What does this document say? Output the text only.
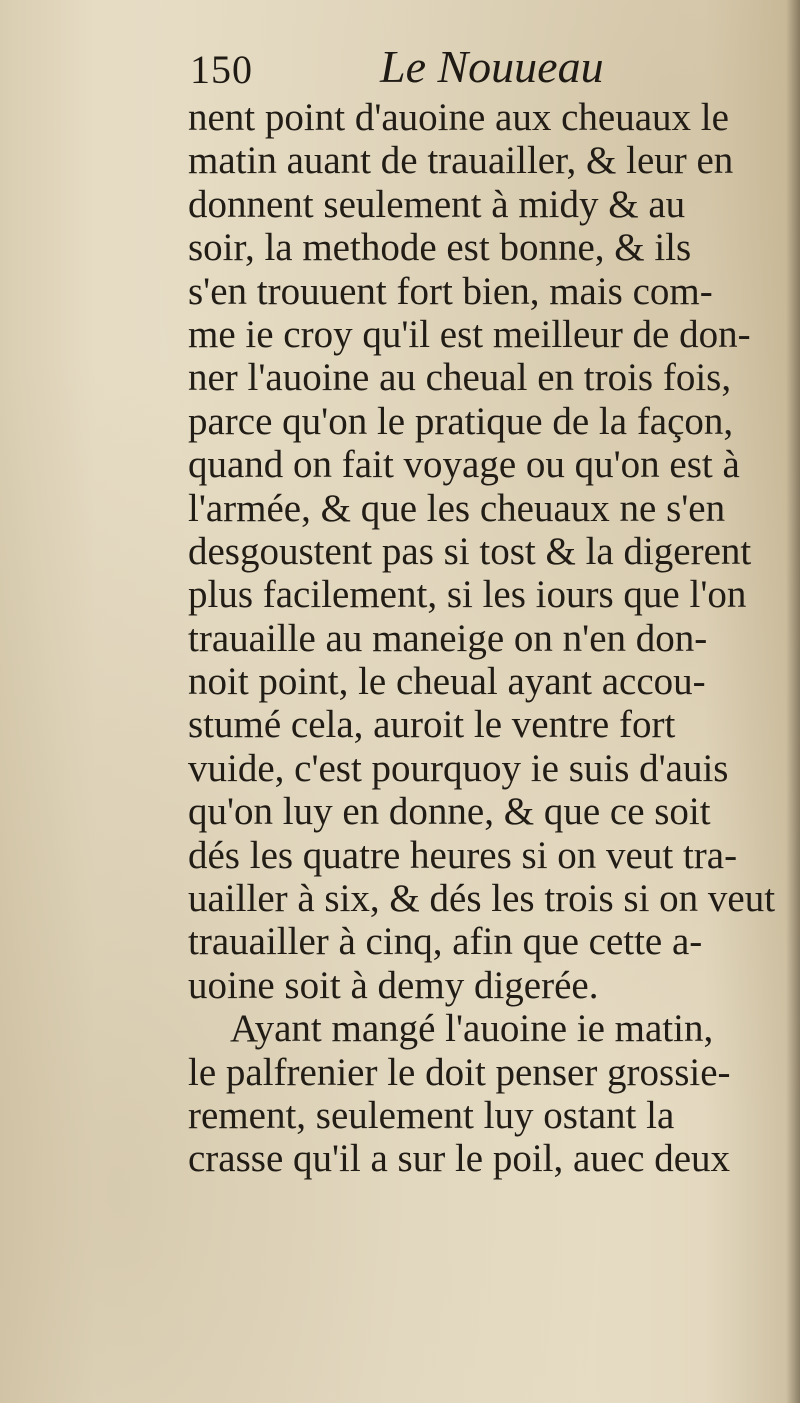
150	Le Nouueau
nent point d'auoine aux cheuaux le
matin auant de trauailler, & leur en
donnent seulement à midy & au
soir, la methode est bonne, & ils
s'en trouuent fort bien, mais com-
me ie croy qu'il est meilleur de don-
ner l'auoine au cheual en trois fois,
parce qu'on le pratique de la façon,
quand on fait voyage ou qu'on est à
l'armée, & que les cheuaux ne s'en
desgoustent pas si tost & la digerent
plus facilement, si les iours que l'on
trauaille au maneige on n'en don-
noit point, le cheual ayant accou-
stumé cela, auroit le ventre fort
vuide, c'est pourquoy ie suis d'auis
qu'on luy en donne, & que ce soit
dés les quatre heures si on veut tra-
uailler à six, & dés les trois si on veut
trauailler à cinq, afin que cette a-
uoine soit à demy digerée.
Ayant mangé l'auoine ie matin,
le palfrenier le doit penser grossie-
rement, seulement luy ostant la
crasse qu'il a sur le poil, auec deux
